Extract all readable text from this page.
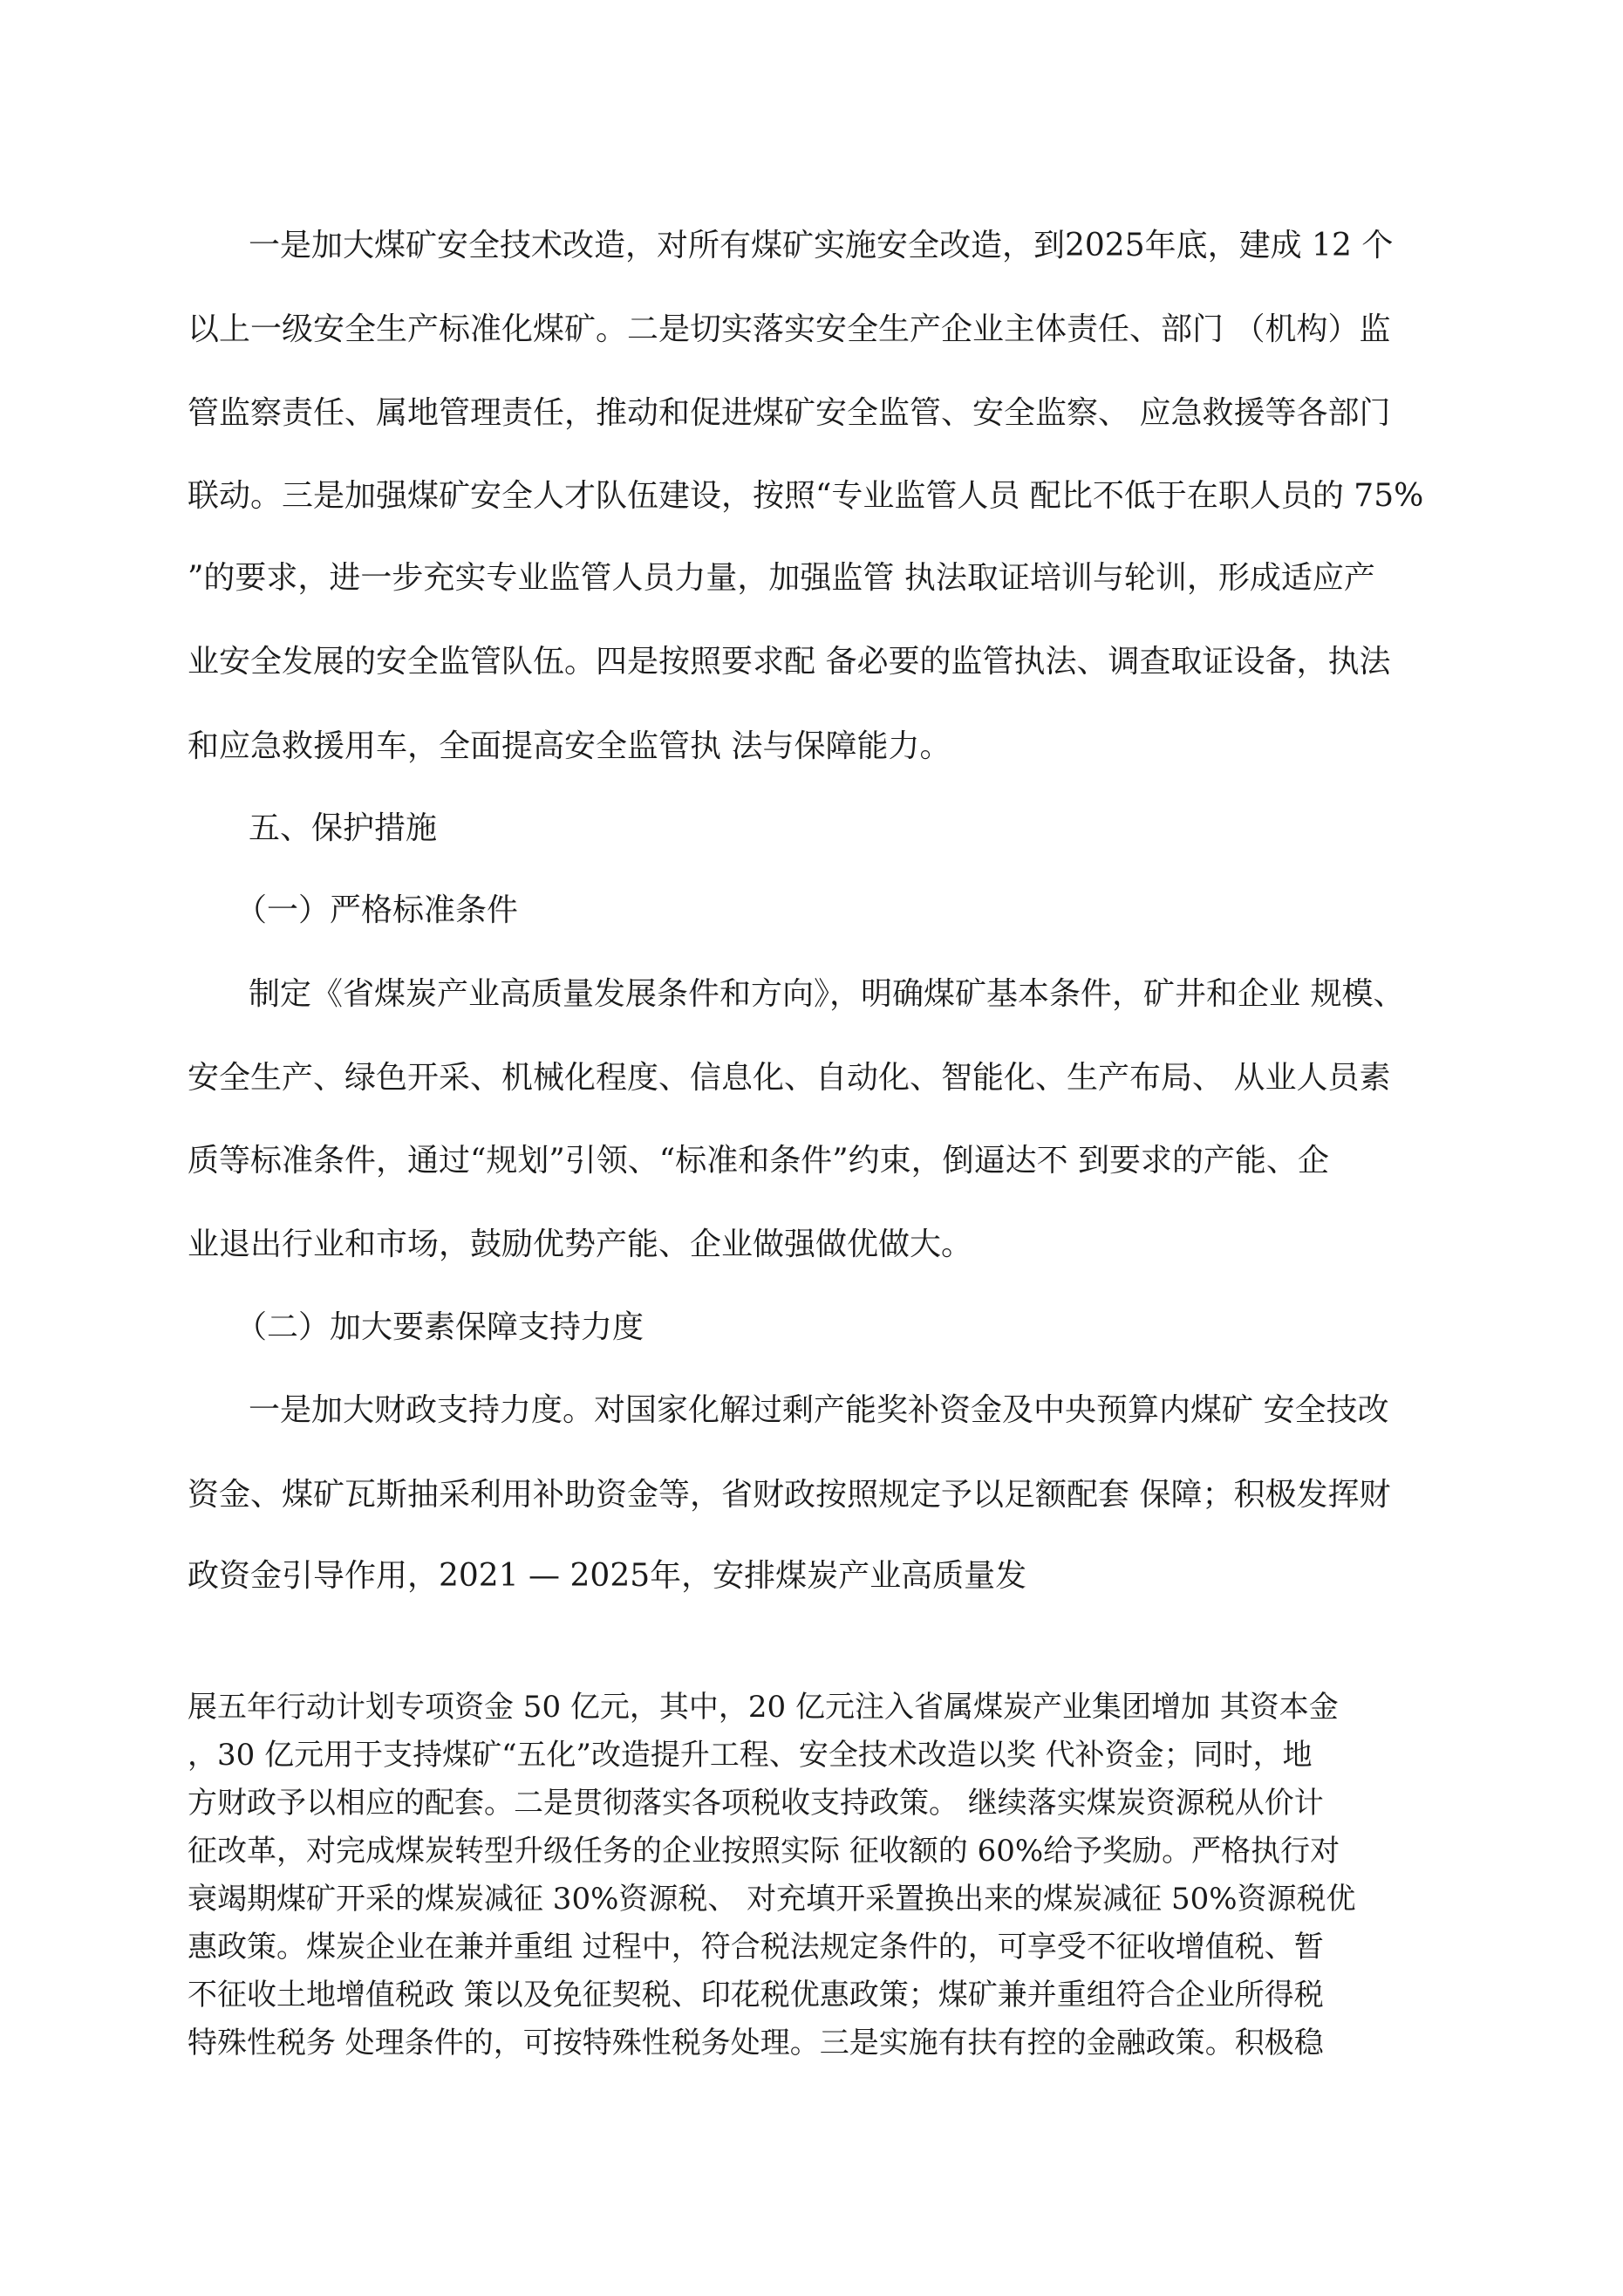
一是加大煤矿安全技术改造，对所有煤矿实施安全改造，到2025年底，建成 12 个

以上一级安全生产标准化煤矿。二是切实落实安全生产企业主体责任、部门 （机构）监

管监察责任、属地管理责任，推动和促进煤矿安全监管、安全监察、 应急救援等各部门

联动。三是加强煤矿安全人才队伍建设，按照“专业监管人员 配比不低于在职人员的 75%

”的要求，进一步充实专业监管人员力量，加强监管 执法取证培训与轮训，形成适应产

业安全发展的安全监管队伍。四是按照要求配 备必要的监管执法、调查取证设备，执法

和应急救援用车，全面提高安全监管执 法与保障能力。

五、保护措施

（一）严格标准条件

制定《省煤炭产业高质量发展条件和方向》，明确煤矿基本条件，矿井和企业 规模、

安全生产、绿色开采、机械化程度、信息化、自动化、智能化、生产布局、 从业人员素

质等标准条件，通过“规划”引领、“标准和条件”约束，倒逼达不 到要求的产能、企

业退出行业和市场，鼓励优势产能、企业做强做优做大。

（二）加大要素保障支持力度

一是加大财政支持力度。对国家化解过剩产能奖补资金及中央预算内煤矿 安全技改

资金、煤矿瓦斯抽采利用补助资金等，省财政按照规定予以足额配套 保障；积极发挥财

政资金引导作用，2021 — 2025年，安排煤炭产业高质量发

展五年行动计划专项资金 50 亿元，其中，20 亿元注入省属煤炭产业集团增加 其资本金

，30 亿元用于支持煤矿“五化”改造提升工程、安全技术改造以奖 代补资金；同时，地

方财政予以相应的配套。二是贯彻落实各项税收支持政策。 继续落实煤炭资源税从价计

征改革，对完成煤炭转型升级任务的企业按照实际 征收额的 60%给予奖励。严格执行对

衰竭期煤矿开采的煤炭减征 30%资源税、 对充填开采置换出来的煤炭减征 50%资源税优

惠政策。煤炭企业在兼并重组 过程中，符合税法规定条件的，可享受不征收增值税、暂

不征收土地增值税政 策以及免征契税、印花税优惠政策；煤矿兼并重组符合企业所得税

特殊性税务 处理条件的，可按特殊性税务处理。三是实施有扶有控的金融政策。积极稳
